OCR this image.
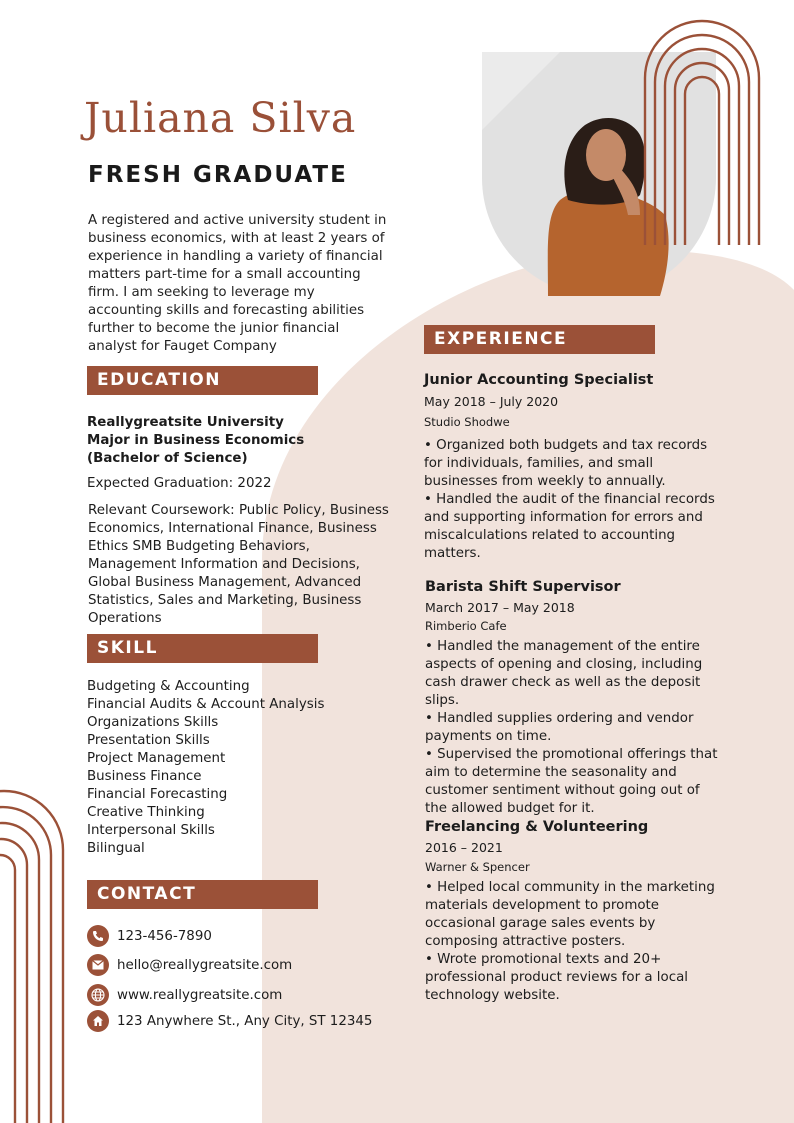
Juliana Silva
FRESH GRADUATE
A registered and active university student in business economics, with at least 2 years of experience in handling a variety of financial matters part-time for a small accounting firm. I am seeking to leverage my accounting skills and forecasting abilities further to become the junior financial analyst for Fauget Company
EDUCATION
Reallygreatsite University
Major in Business Economics
(Bachelor of Science)
Expected Graduation: 2022
Relevant Coursework: Public Policy, Business Economics, International Finance, Business Ethics SMB Budgeting Behaviors, Management Information and Decisions, Global Business Management, Advanced Statistics, Sales and Marketing, Business Operations
SKILL
Budgeting & Accounting
Financial Audits & Account Analysis
Organizations Skills
Presentation Skills
Project Management
Business Finance
Financial Forecasting
Creative Thinking
Interpersonal Skills
Bilingual
CONTACT
123-456-7890
hello@reallygreatsite.com
www.reallygreatsite.com
123 Anywhere St., Any City, ST 12345
EXPERIENCE
Junior Accounting Specialist
May 2018 – July 2020
Studio Shodwe
• Organized both budgets and tax records for individuals, families, and small businesses from weekly to annually.
• Handled the audit of the financial records and supporting information for errors and miscalculations related to accounting matters.
Barista Shift Supervisor
March 2017 – May 2018
Rimberio Cafe
• Handled the management of the entire aspects of opening and closing, including cash drawer check as well as the deposit slips.
• Handled supplies ordering and vendor payments on time.
• Supervised the promotional offerings that aim to determine the seasonality and customer sentiment without going out of the allowed budget for it.
Freelancing & Volunteering
2016 – 2021
Warner & Spencer
• Helped local community in the marketing materials development to promote occasional garage sales events by composing attractive posters.
• Wrote promotional texts and 20+ professional product reviews for a local technology website.
